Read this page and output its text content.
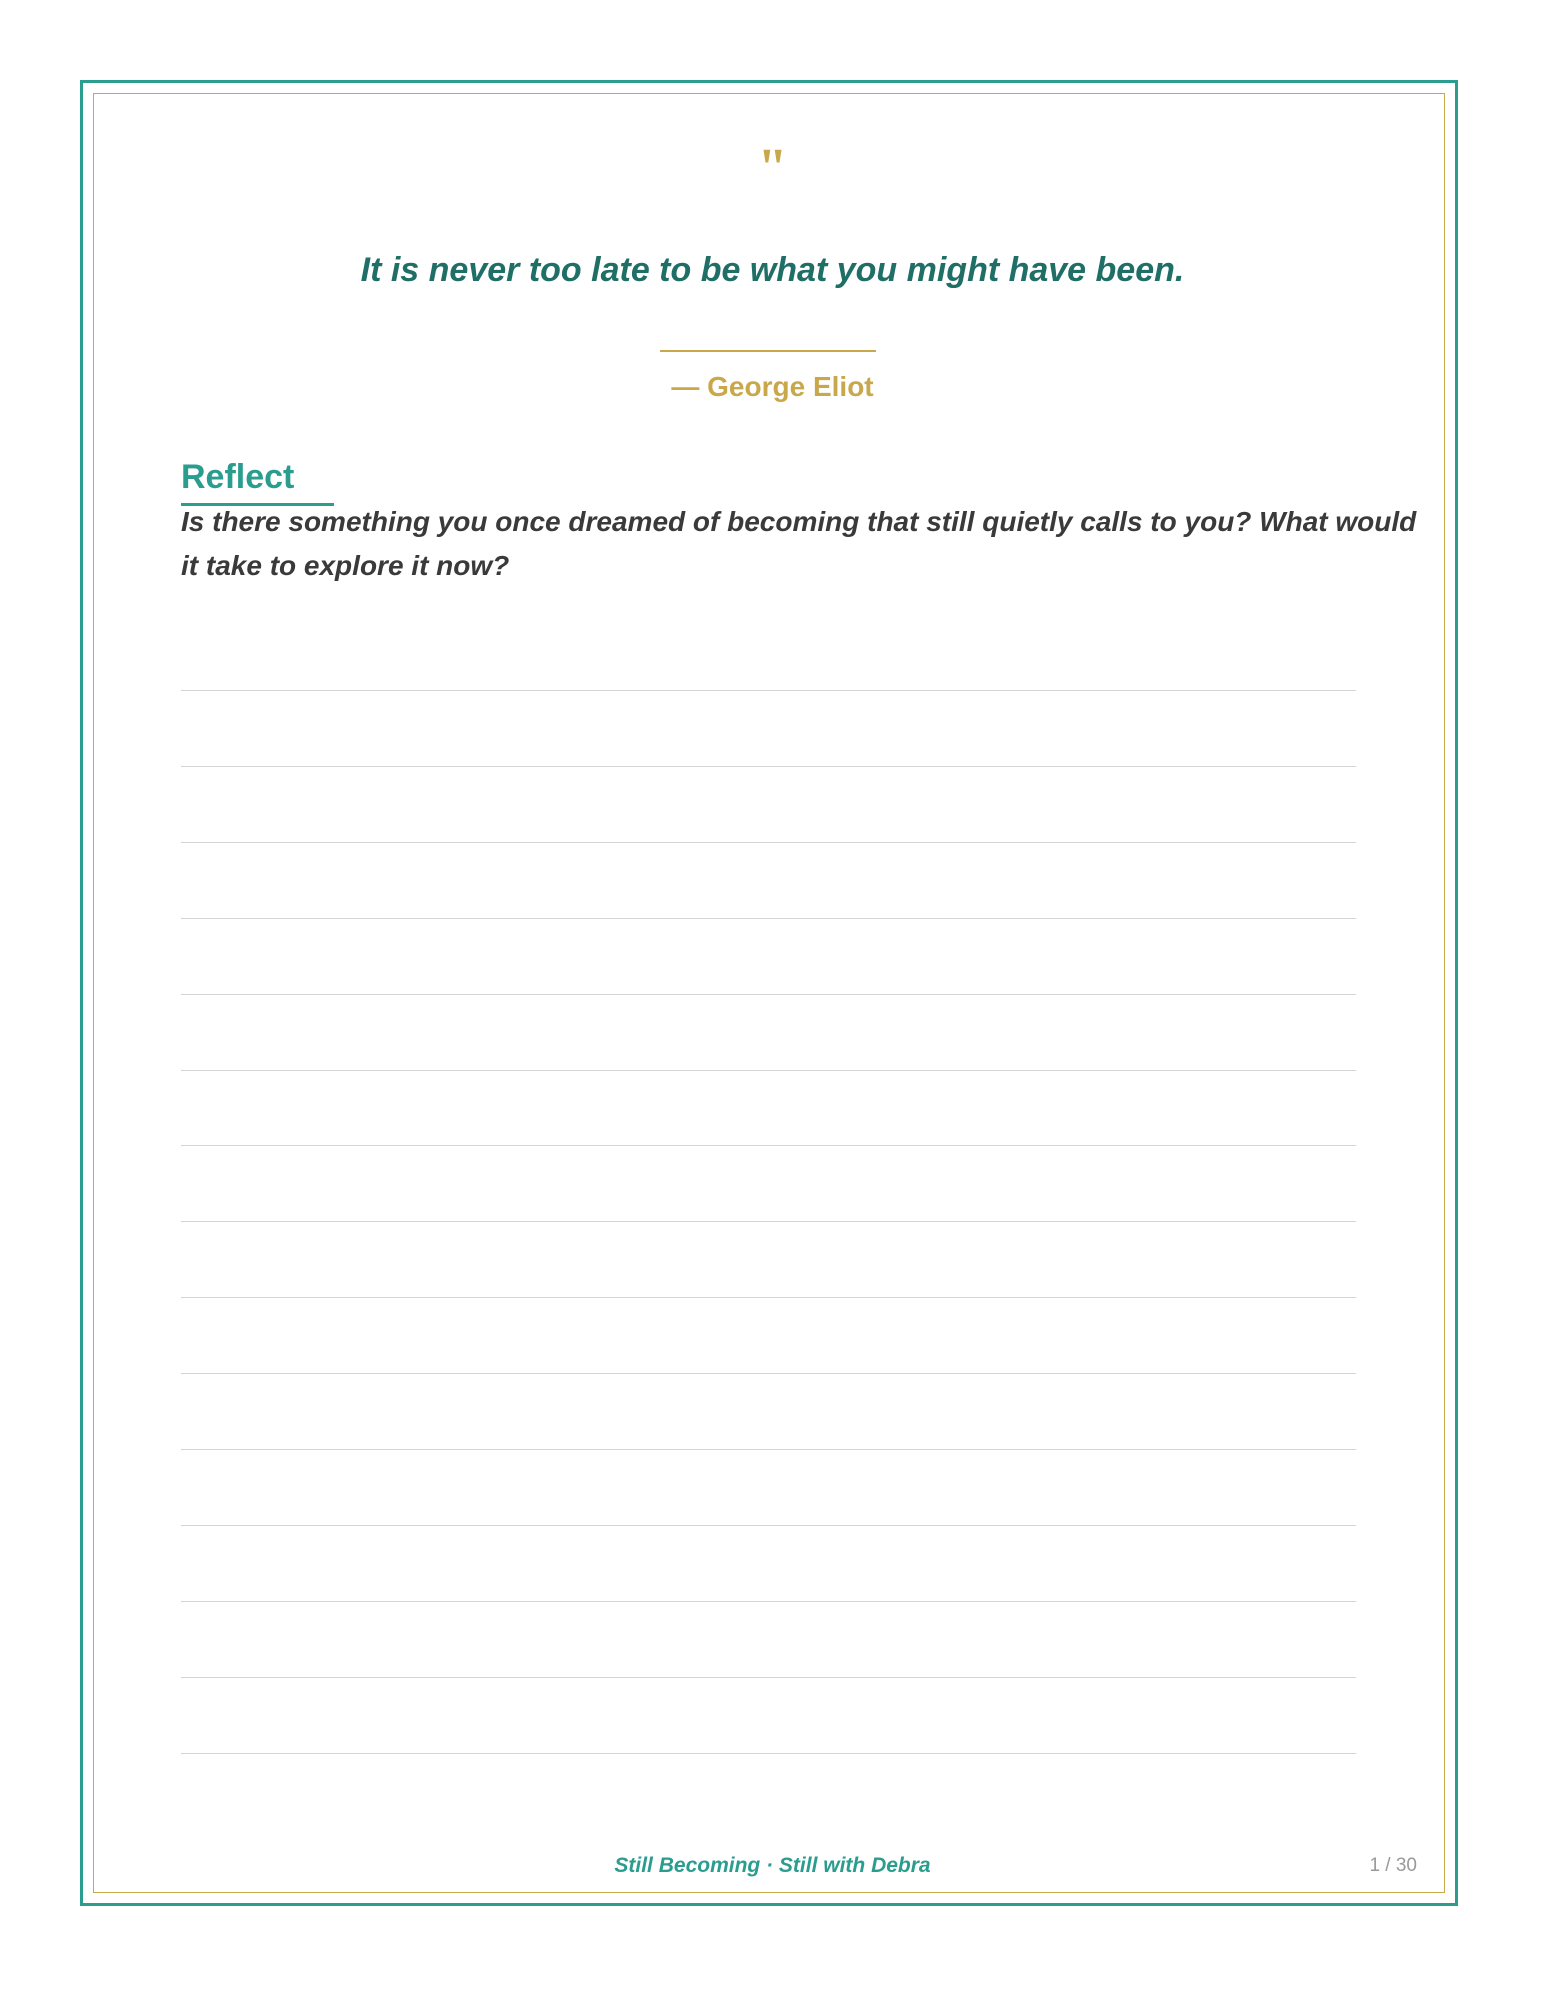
"
It is never too late to be what you might have been.
— George Eliot
Reflect

Is there something you once dreamed of becoming that still quietly calls to you? What would it take to explore it now?

Still Becoming · Still with Debra	1 / 30
